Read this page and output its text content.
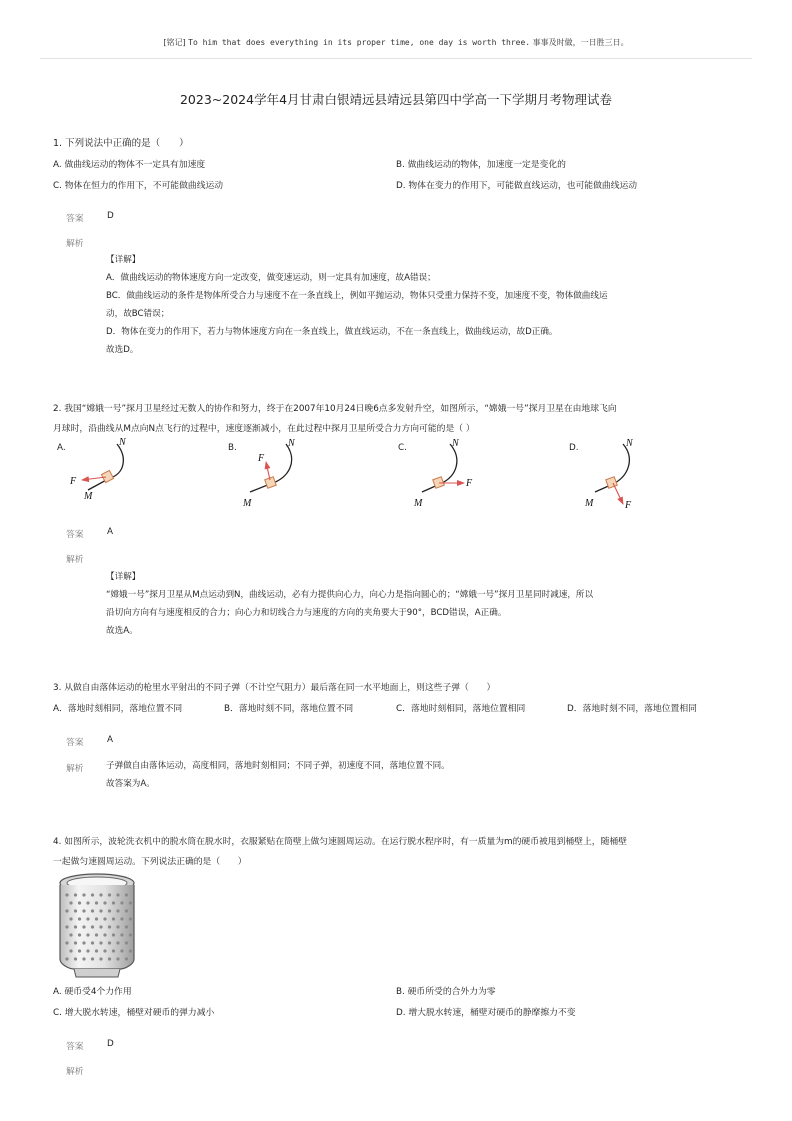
[铭记] To him that does everything in its proper time, one day is worth three. 事事及时做，一日胜三日。
2023~2024学年4月甘肃白银靖远县靖远县第四中学高一下学期月考物理试卷
1. 下列说法中正确的是（　　）
A. 做曲线运动的物体不一定具有加速度	B. 做曲线运动的物体，加速度一定是变化的
C. 物体在恒力的作用下，不可能做曲线运动	D. 物体在变力的作用下，可能做直线运动，也可能做曲线运动
答案	D
解析
【详解】
A．做曲线运动的物体速度方向一定改变，做变速运动，则一定具有加速度，故A错误；
BC．做曲线运动的条件是物体所受合力与速度不在一条直线上，例如平抛运动，物体只受重力保持不变，加速度不变，物体做曲线运
动，故BC错误；
D．物体在变力的作用下，若力与物体速度方向在一条直线上，做直线运动，不在一条直线上，做曲线运动，故D正确。
故选D。
2. 我国“嫦娥一号”探月卫星经过无数人的协作和努力，终于在2007年10月24日晚6点多发射升空，如图所示，“嫦娥一号”探月卫星在由地球飞向
月球时，沿曲线从M点向N点飞行的过程中，速度逐渐减小，在此过程中探月卫星所受合力方向可能的是（ ）
A.	B.	C.	D.
N
F
M
N
F
M
N
F
M
N
F
M
答案	A
解析
【详解】
“嫦娥一号”探月卫星从M点运动到N，曲线运动，必有力提供向心力，向心力是指向圆心的；“嫦娥一号”探月卫星同时减速，所以
沿切向方向有与速度相反的合力；向心力和切线合力与速度的方向的夹角要大于90°，BCD错误，A正确。
故选A。
3. 从做自由落体运动的枪里水平射出的不同子弹（不计空气阻力）最后落在同一水平地面上，则这些子弹（　　）
A．落地时刻相同，落地位置不同	B．落地时刻不同，落地位置不同	C．落地时刻相同，落地位置相同	D．落地时刻不同，落地位置相同
答案	A
解析	子弹做自由落体运动，高度相同，落地时刻相同；不同子弹，初速度不同，落地位置不同。
故答案为A。
4. 如图所示，波轮洗衣机中的脱水筒在脱水时，衣服紧贴在筒壁上做匀速圆周运动。在运行脱水程序时，有一质量为m的硬币被甩到桶壁上，随桶壁
一起做匀速圆周运动。下列说法正确的是（　　）
A. 硬币受4个力作用	B. 硬币所受的合外力为零
C. 增大脱水转速，桶壁对硬币的弹力减小	D. 增大脱水转速，桶壁对硬币的静摩擦力不变
答案	D
解析
